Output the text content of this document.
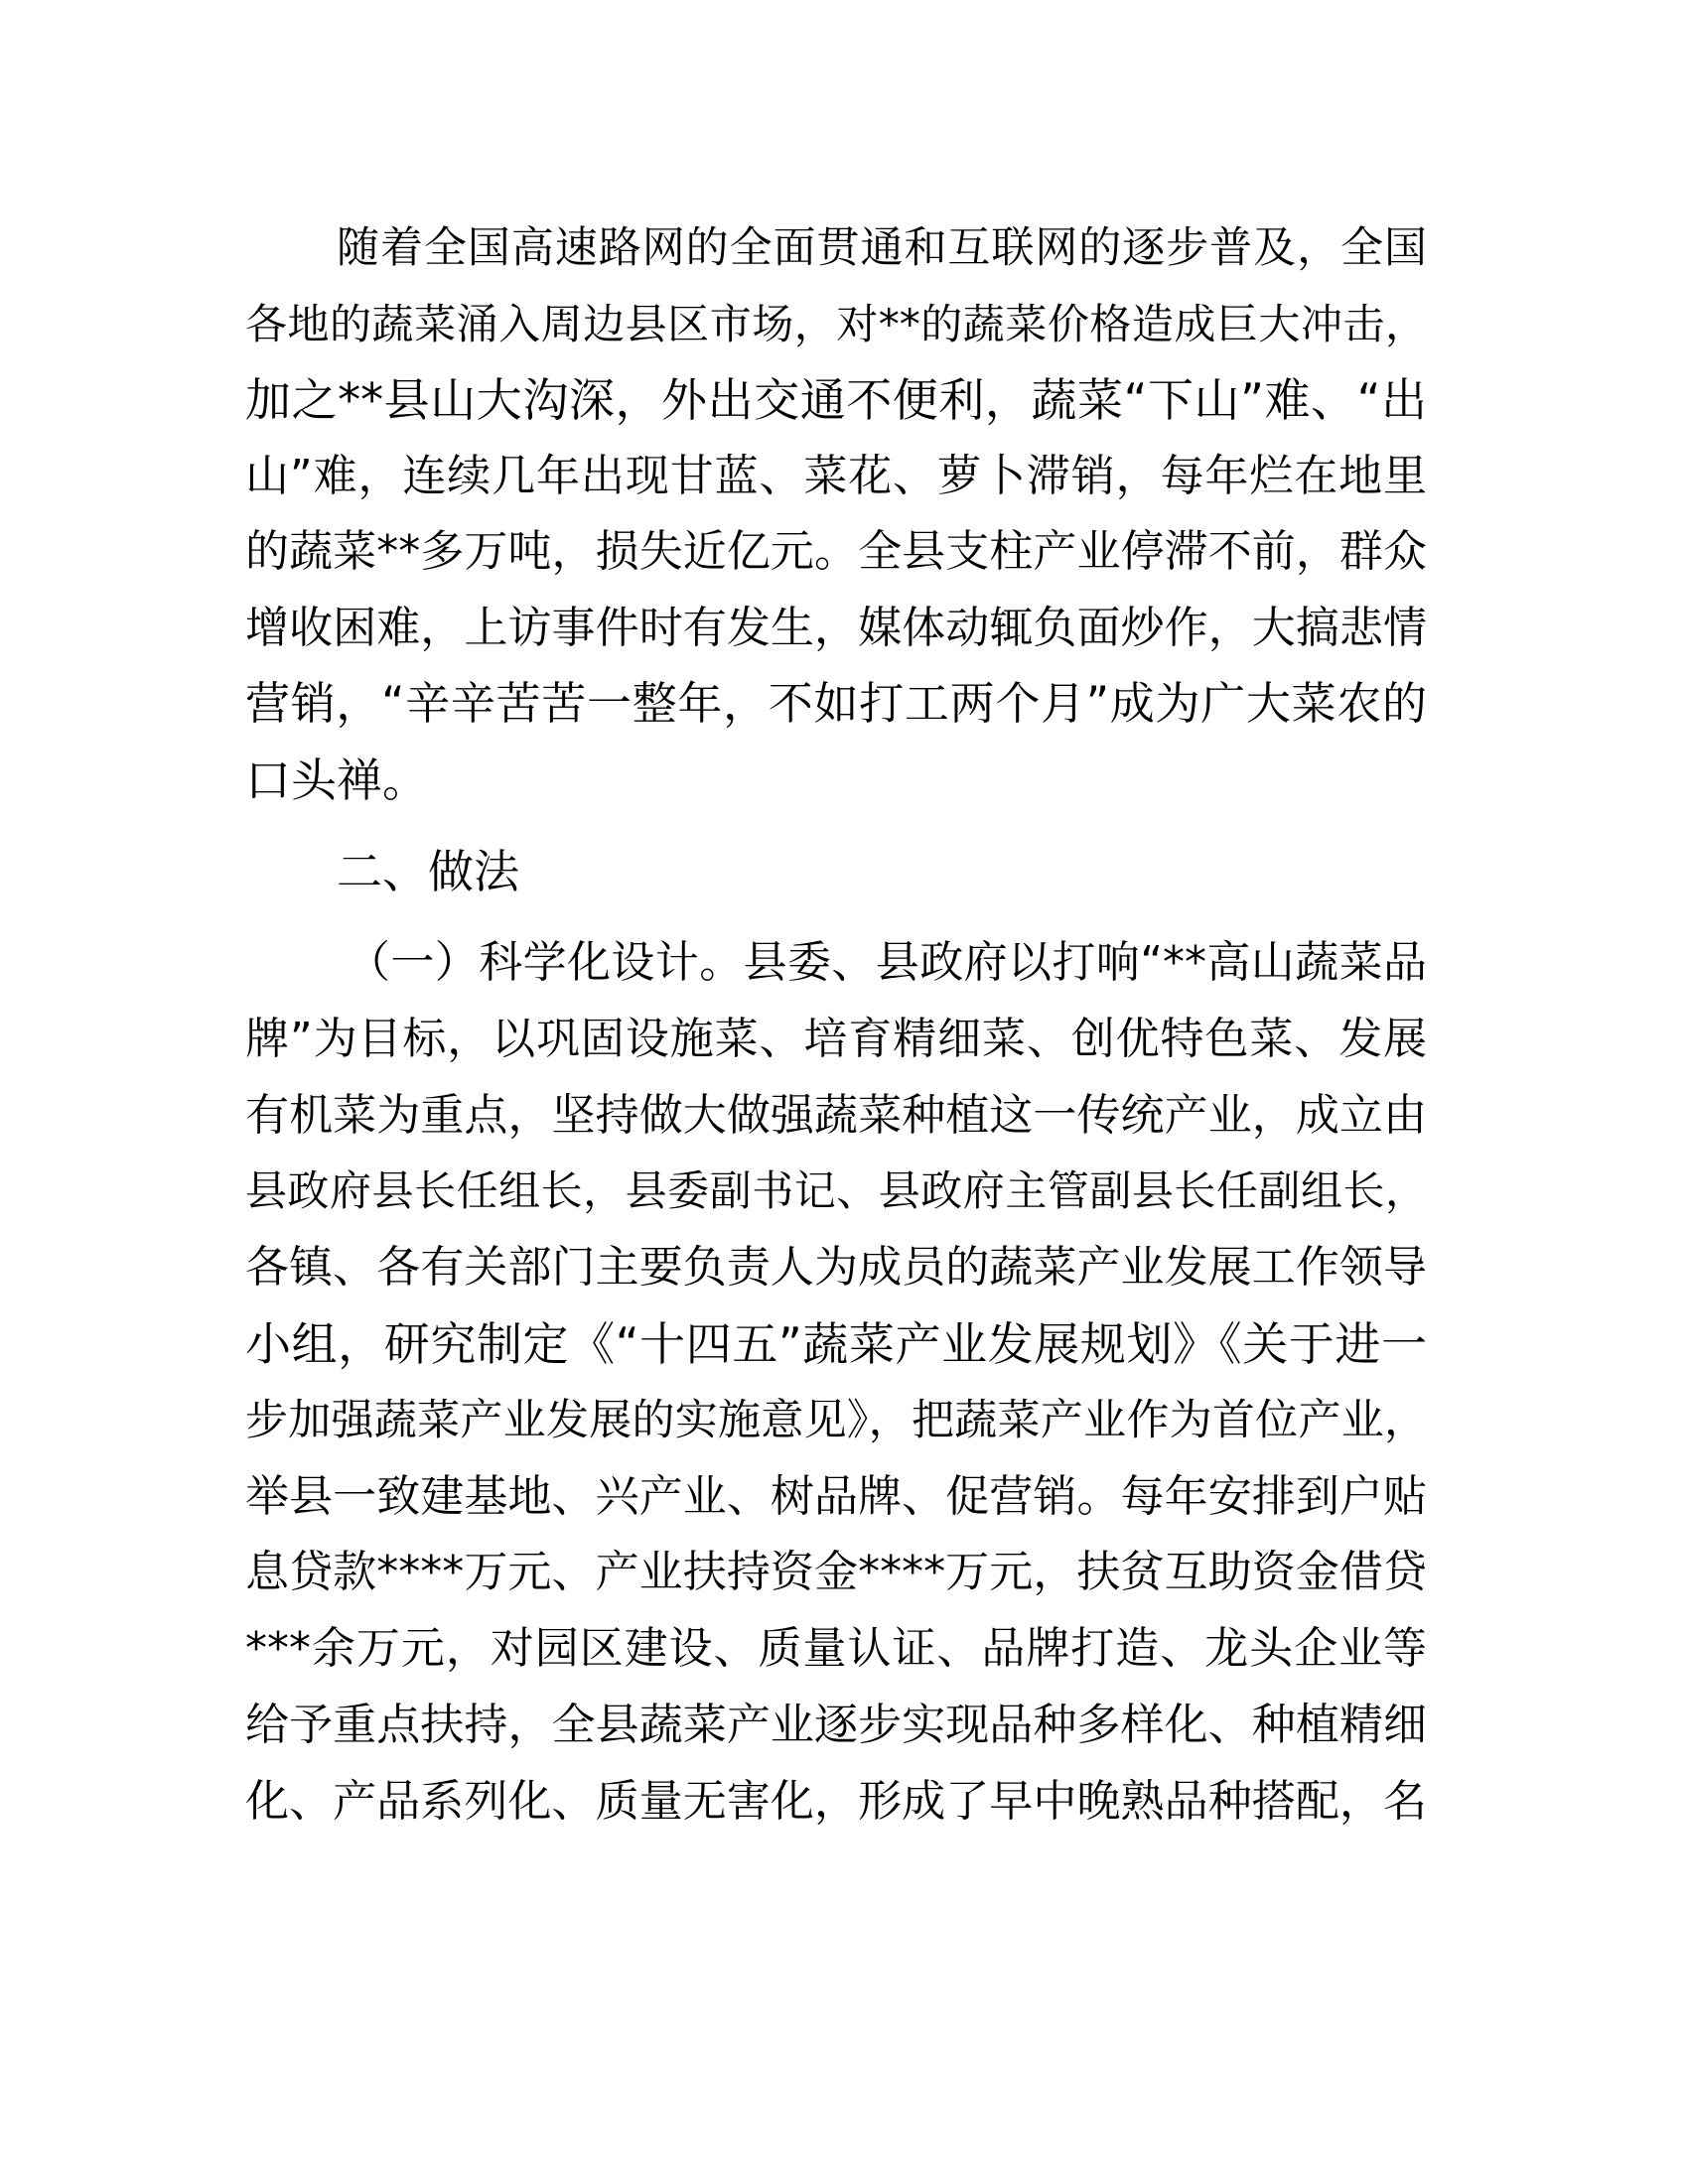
随着全国高速路网的全面贯通和互联网的逐步普及，全国
各地的蔬菜涌入周边县区市场，对**的蔬菜价格造成巨大冲击，
加之**县山大沟深，外出交通不便利，蔬菜“下山”难、“出
山”难，连续几年出现甘蓝、菜花、萝卜滞销，每年烂在地里
的蔬菜**多万吨，损失近亿元。全县支柱产业停滞不前，群众
增收困难，上访事件时有发生，媒体动辄负面炒作，大搞悲情
营销，“辛辛苦苦一整年，不如打工两个月”成为广大菜农的
口头禅。
二、做法
（一）科学化设计。县委、县政府以打响“**高山蔬菜品
牌”为目标，以巩固设施菜、培育精细菜、创优特色菜、发展
有机菜为重点，坚持做大做强蔬菜种植这一传统产业，成立由
县政府县长任组长，县委副书记、县政府主管副县长任副组长，
各镇、各有关部门主要负责人为成员的蔬菜产业发展工作领导
小组，研究制定《“十四五”蔬菜产业发展规划》《关于进一
步加强蔬菜产业发展的实施意见》，把蔬菜产业作为首位产业，
举县一致建基地、兴产业、树品牌、促营销。每年安排到户贴
息贷款****万元、产业扶持资金****万元，扶贫互助资金借贷
***余万元，对园区建设、质量认证、品牌打造、龙头企业等
给予重点扶持，全县蔬菜产业逐步实现品种多样化、种植精细
化、产品系列化、质量无害化，形成了早中晚熟品种搭配，名
